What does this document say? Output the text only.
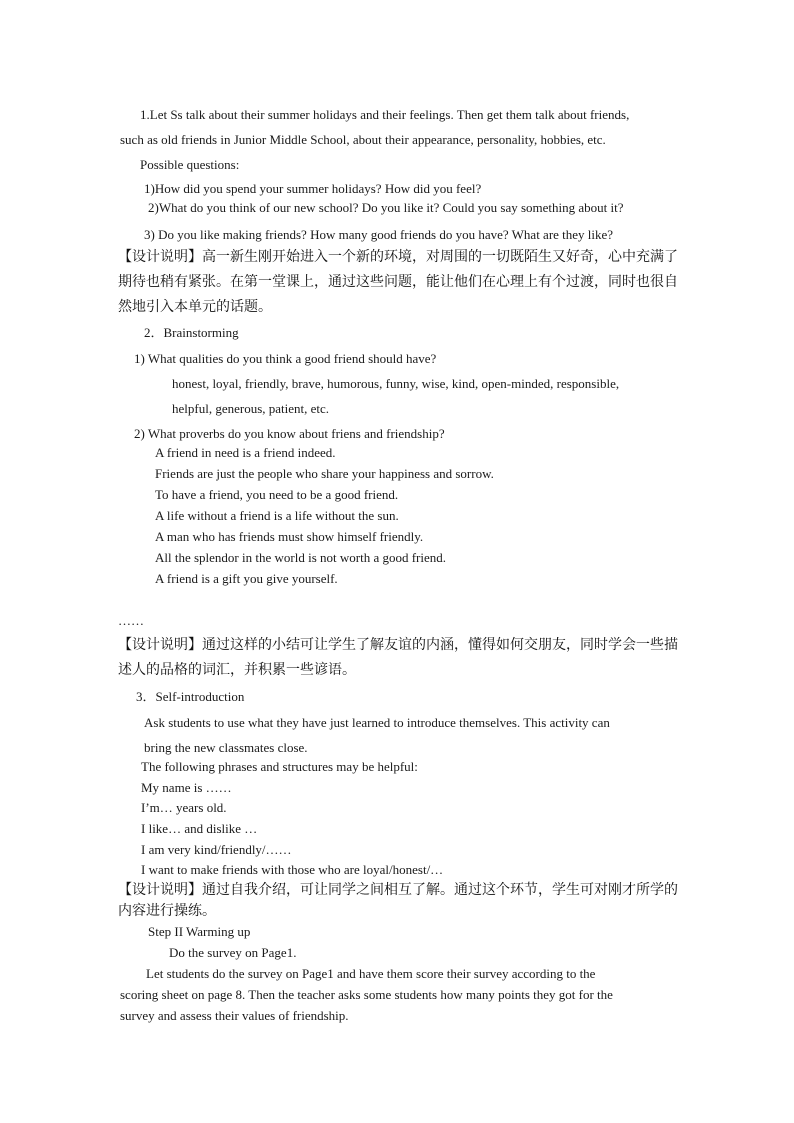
1.Let Ss talk about their summer holidays and their feelings. Then get them talk about friends,
such as old friends in Junior Middle School, about their appearance, personality, hobbies, etc.
Possible questions:
1)How did you spend your summer holidays? How did you feel?
2)What do you think of our new school? Do you like it? Could you say something about it?
3) Do you like making friends? How many good friends do you have? What are they like?
【设计说明】高一新生刚开始进入一个新的环境，对周围的一切既陌生又好奇，心中充满了
期待也稍有紧张。在第一堂课上，通过这些问题，能让他们在心理上有个过渡，同时也很自
然地引入本单元的话题。
2．Brainstorming
1) What qualities do you think a good friend should have?
honest, loyal, friendly, brave, humorous, funny, wise, kind, open-minded, responsible,
helpful, generous, patient, etc.
2) What proverbs do you know about friens and friendship?
A friend in need is a friend indeed.
Friends are just the people who share your happiness and sorrow.
To have a friend, you need to be a good friend.
A life without a friend is a life without the sun.
A man who has friends must show himself friendly.
All the splendor in the world is not worth a good friend.
A friend is a gift you give yourself.
……
【设计说明】通过这样的小结可让学生了解友谊的内涵，懂得如何交朋友，同时学会一些描
述人的品格的词汇，并积累一些谚语。
3．Self-introduction
Ask students to use what they have just learned to introduce themselves. This activity can
bring the new classmates close.
The following phrases and structures may be helpful:
My name is ……
I’m… years old.
I like… and dislike …
I am very kind/friendly/……
I want to make friends with those who are loyal/honest/…
【设计说明】通过自我介绍，可让同学之间相互了解。通过这个环节，学生可对刚才所学的
内容进行操练。
Step II Warming up
Do the survey on Page1.
Let students do the survey on Page1 and have them score their survey according to the
scoring sheet on page 8. Then the teacher asks some students how many points they got for the
survey and assess their values of friendship.
